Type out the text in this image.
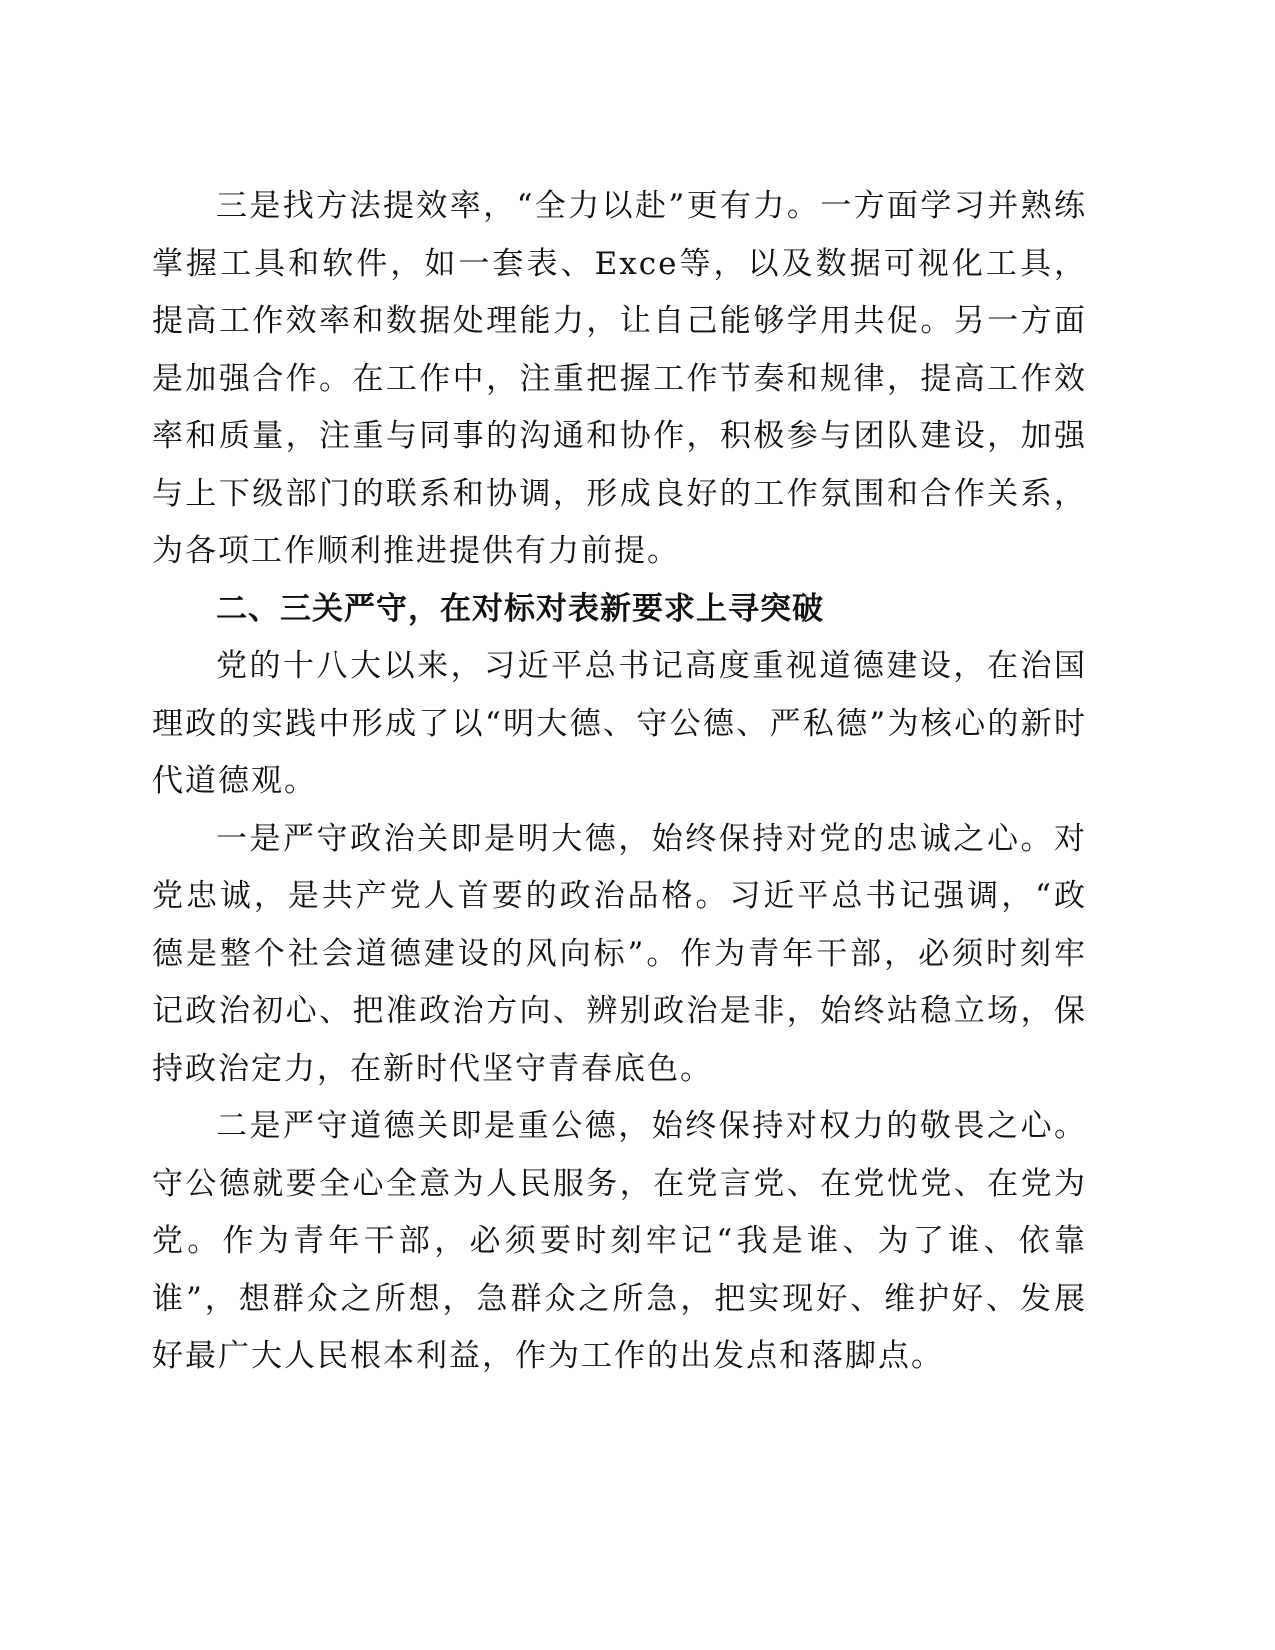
三是找方法提效率，“全力以赴”更有力。一方面学习并熟练掌握工具和软件，如一套表、Exce等，以及数据可视化工具，提高工作效率和数据处理能力，让自己能够学用共促。另一方面是加强合作。在工作中，注重把握工作节奏和规律，提高工作效率和质量，注重与同事的沟通和协作，积极参与团队建设，加强与上下级部门的联系和协调，形成良好的工作氛围和合作关系，为各项工作顺利推进提供有力前提。

二、三关严守，在对标对表新要求上寻突破

党的十八大以来，习近平总书记高度重视道德建设，在治国理政的实践中形成了以“明大德、守公德、严私德”为核心的新时代道德观。

一是严守政治关即是明大德，始终保持对党的忠诚之心。对党忠诚，是共产党人首要的政治品格。习近平总书记强调，“政德是整个社会道德建设的风向标”。作为青年干部，必须时刻牢记政治初心、把准政治方向、辨别政治是非，始终站稳立场，保持政治定力，在新时代坚守青春底色。

二是严守道德关即是重公德，始终保持对权力的敬畏之心。守公德就要全心全意为人民服务，在党言党、在党忧党、在党为党。作为青年干部，必须要时刻牢记“我是谁、为了谁、依靠谁”，想群众之所想，急群众之所急，把实现好、维护好、发展好最广大人民根本利益，作为工作的出发点和落脚点。
